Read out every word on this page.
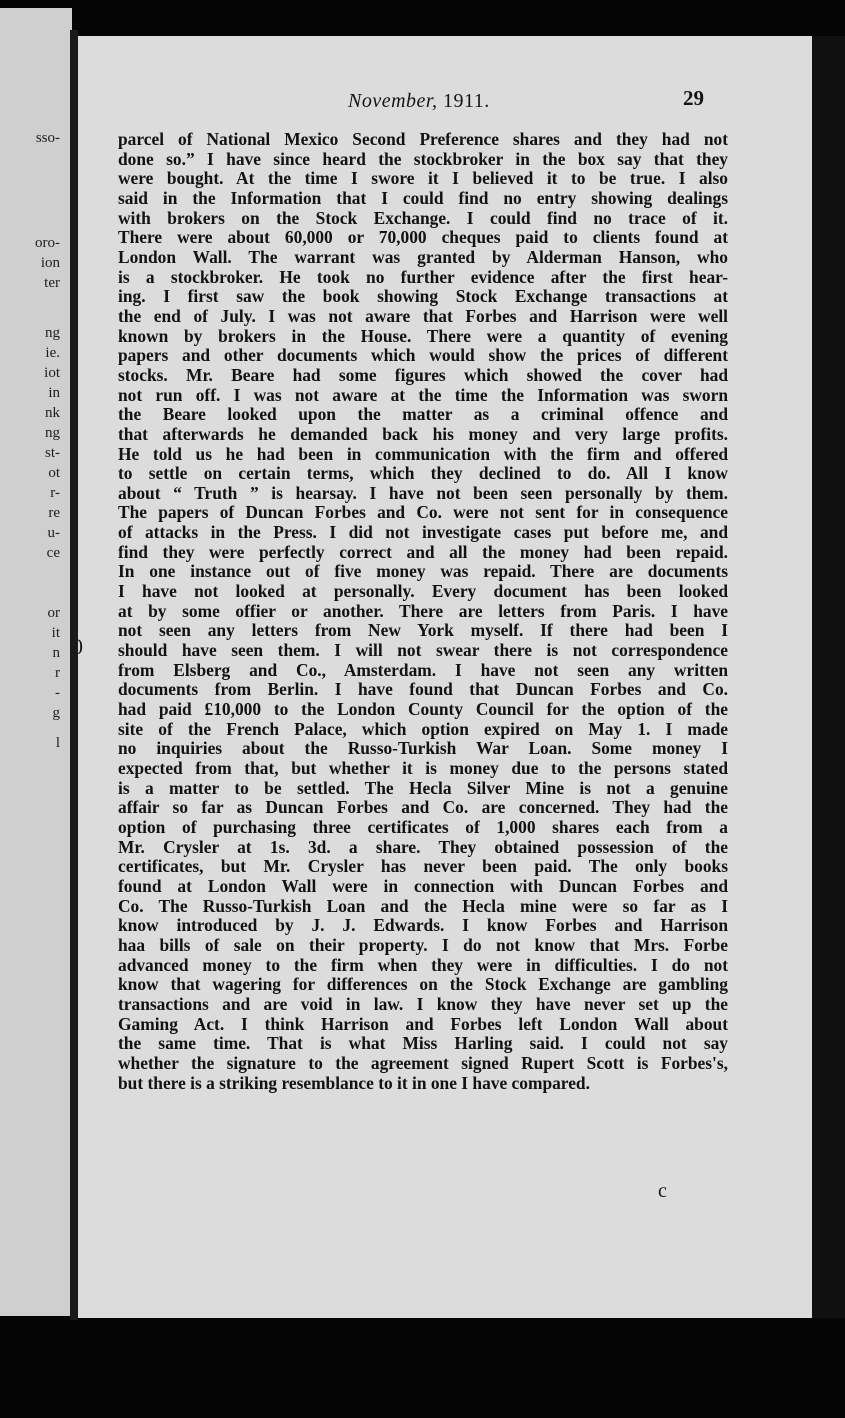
sso-
oro-
ion
ter
ng
ie.
iot
in
nk
ng
st-
ot
r-
re
u-
ce
or
it
n
r
-
g
l
November, 1911.	29
parcel of National Mexico Second Preference shares and they had not
done so.” I have since heard the stockbroker in the box say that they
were bought. At the time I swore it I believed it to be true. I also
said in the Information that I could find no entry showing dealings
with brokers on the Stock Exchange. I could find no trace of it.
There were about 60,000 or 70,000 cheques paid to clients found at
London Wall. The warrant was granted by Alderman Hanson, who
is a stockbroker. He took no further evidence after the first hear-
ing. I first saw the book showing Stock Exchange transactions at
the end of July. I was not aware that Forbes and Harrison were well
known by brokers in the House. There were a quantity of evening
papers and other documents which would show the prices of different
stocks. Mr. Beare had some figures which showed the cover had
not run off. I was not aware at the time the Information was sworn
the Beare looked upon the matter as a criminal offence and
that afterwards he demanded back his money and very large profits.
He told us he had been in communication with the firm and offered
to settle on certain terms, which they declined to do. All I know
about “ Truth ” is hearsay. I have not been seen personally by them.
The papers of Duncan Forbes and Co. were not sent for in consequence
of attacks in the Press. I did not investigate cases put before me, and
find they were perfectly correct and all the money had been repaid.
In one instance out of five money was repaid. There are documents
I have not looked at personally. Every document has been looked
at by some offier or another. There are letters from Paris. I have
not seen any letters from New York myself. If there had been I
should have seen them. I will not swear there is not correspondence
from Elsberg and Co., Amsterdam. I have not seen any written
documents from Berlin. I have found that Duncan Forbes and Co.
had paid £10,000 to the London County Council for the option of the
site of the French Palace, which option expired on May 1. I made
no inquiries about the Russo-Turkish War Loan. Some money I
expected from that, but whether it is money due to the persons stated
is a matter to be settled. The Hecla Silver Mine is not a genuine
affair so far as Duncan Forbes and Co. are concerned. They had the
option of purchasing three certificates of 1,000 shares each from a
Mr. Crysler at 1s. 3d. a share. They obtained possession of the
certificates, but Mr. Crysler has never been paid. The only books
found at London Wall were in connection with Duncan Forbes and
Co. The Russo-Turkish Loan and the Hecla mine were so far as I
know introduced by J. J. Edwards. I know Forbes and Harrison
haa bills of sale on their property. I do not know that Mrs. Forbe
advanced money to the firm when they were in difficulties. I do not
know that wagering for differences on the Stock Exchange are gambling
transactions and are void in law. I know they have never set up the
Gaming Act. I think Harrison and Forbes left London Wall about
the same time. That is what Miss Harling said. I could not say
whether the signature to the agreement signed Rupert Scott is Forbes's,
but there is a striking resemblance to it in one I have compared.
0
c
